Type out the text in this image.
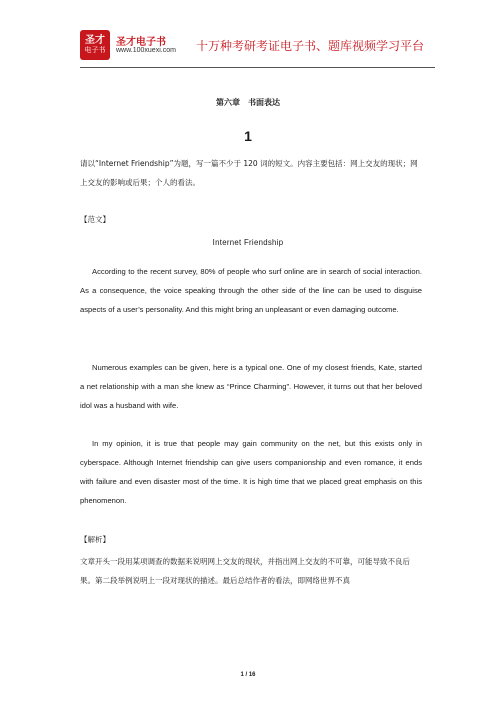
圣才
电子书
圣才电子书
www.100xuexi.com 十万种考研考证电子书、题库视频学习平台
第六章　书面表达
1
请以“Internet Friendship”为题，写一篇不少于 120 词的短文。内容主要包括：网上交友的现状；网上交友的影响或后果；个人的看法。
【范文】
Internet Friendship
According to the recent survey, 80% of people who surf online are in search of social interaction. As a consequence, the voice speaking through the other side of the line can be used to disguise aspects of a user’s personality. And this might bring an unpleasant or even damaging outcome.
Numerous examples can be given, here is a typical one. One of my closest friends, Kate, started a net relationship with a man she knew as “Prince Charming”. However, it turns out that her beloved idol was a husband with wife.
In my opinion, it is true that people may gain community on the net, but this exists only in cyberspace. Although Internet friendship can give users companionship and even romance, it ends with failure and even disaster most of the time. It is high time that we placed great emphasis on this phenomenon.
【解析】
文章开头一段用某项调查的数据来说明网上交友的现状，并指出网上交友的不可靠，可能导致不良后果。第二段举例说明上一段对现状的描述。最后总结作者的看法，即网络世界不真
1 / 16
